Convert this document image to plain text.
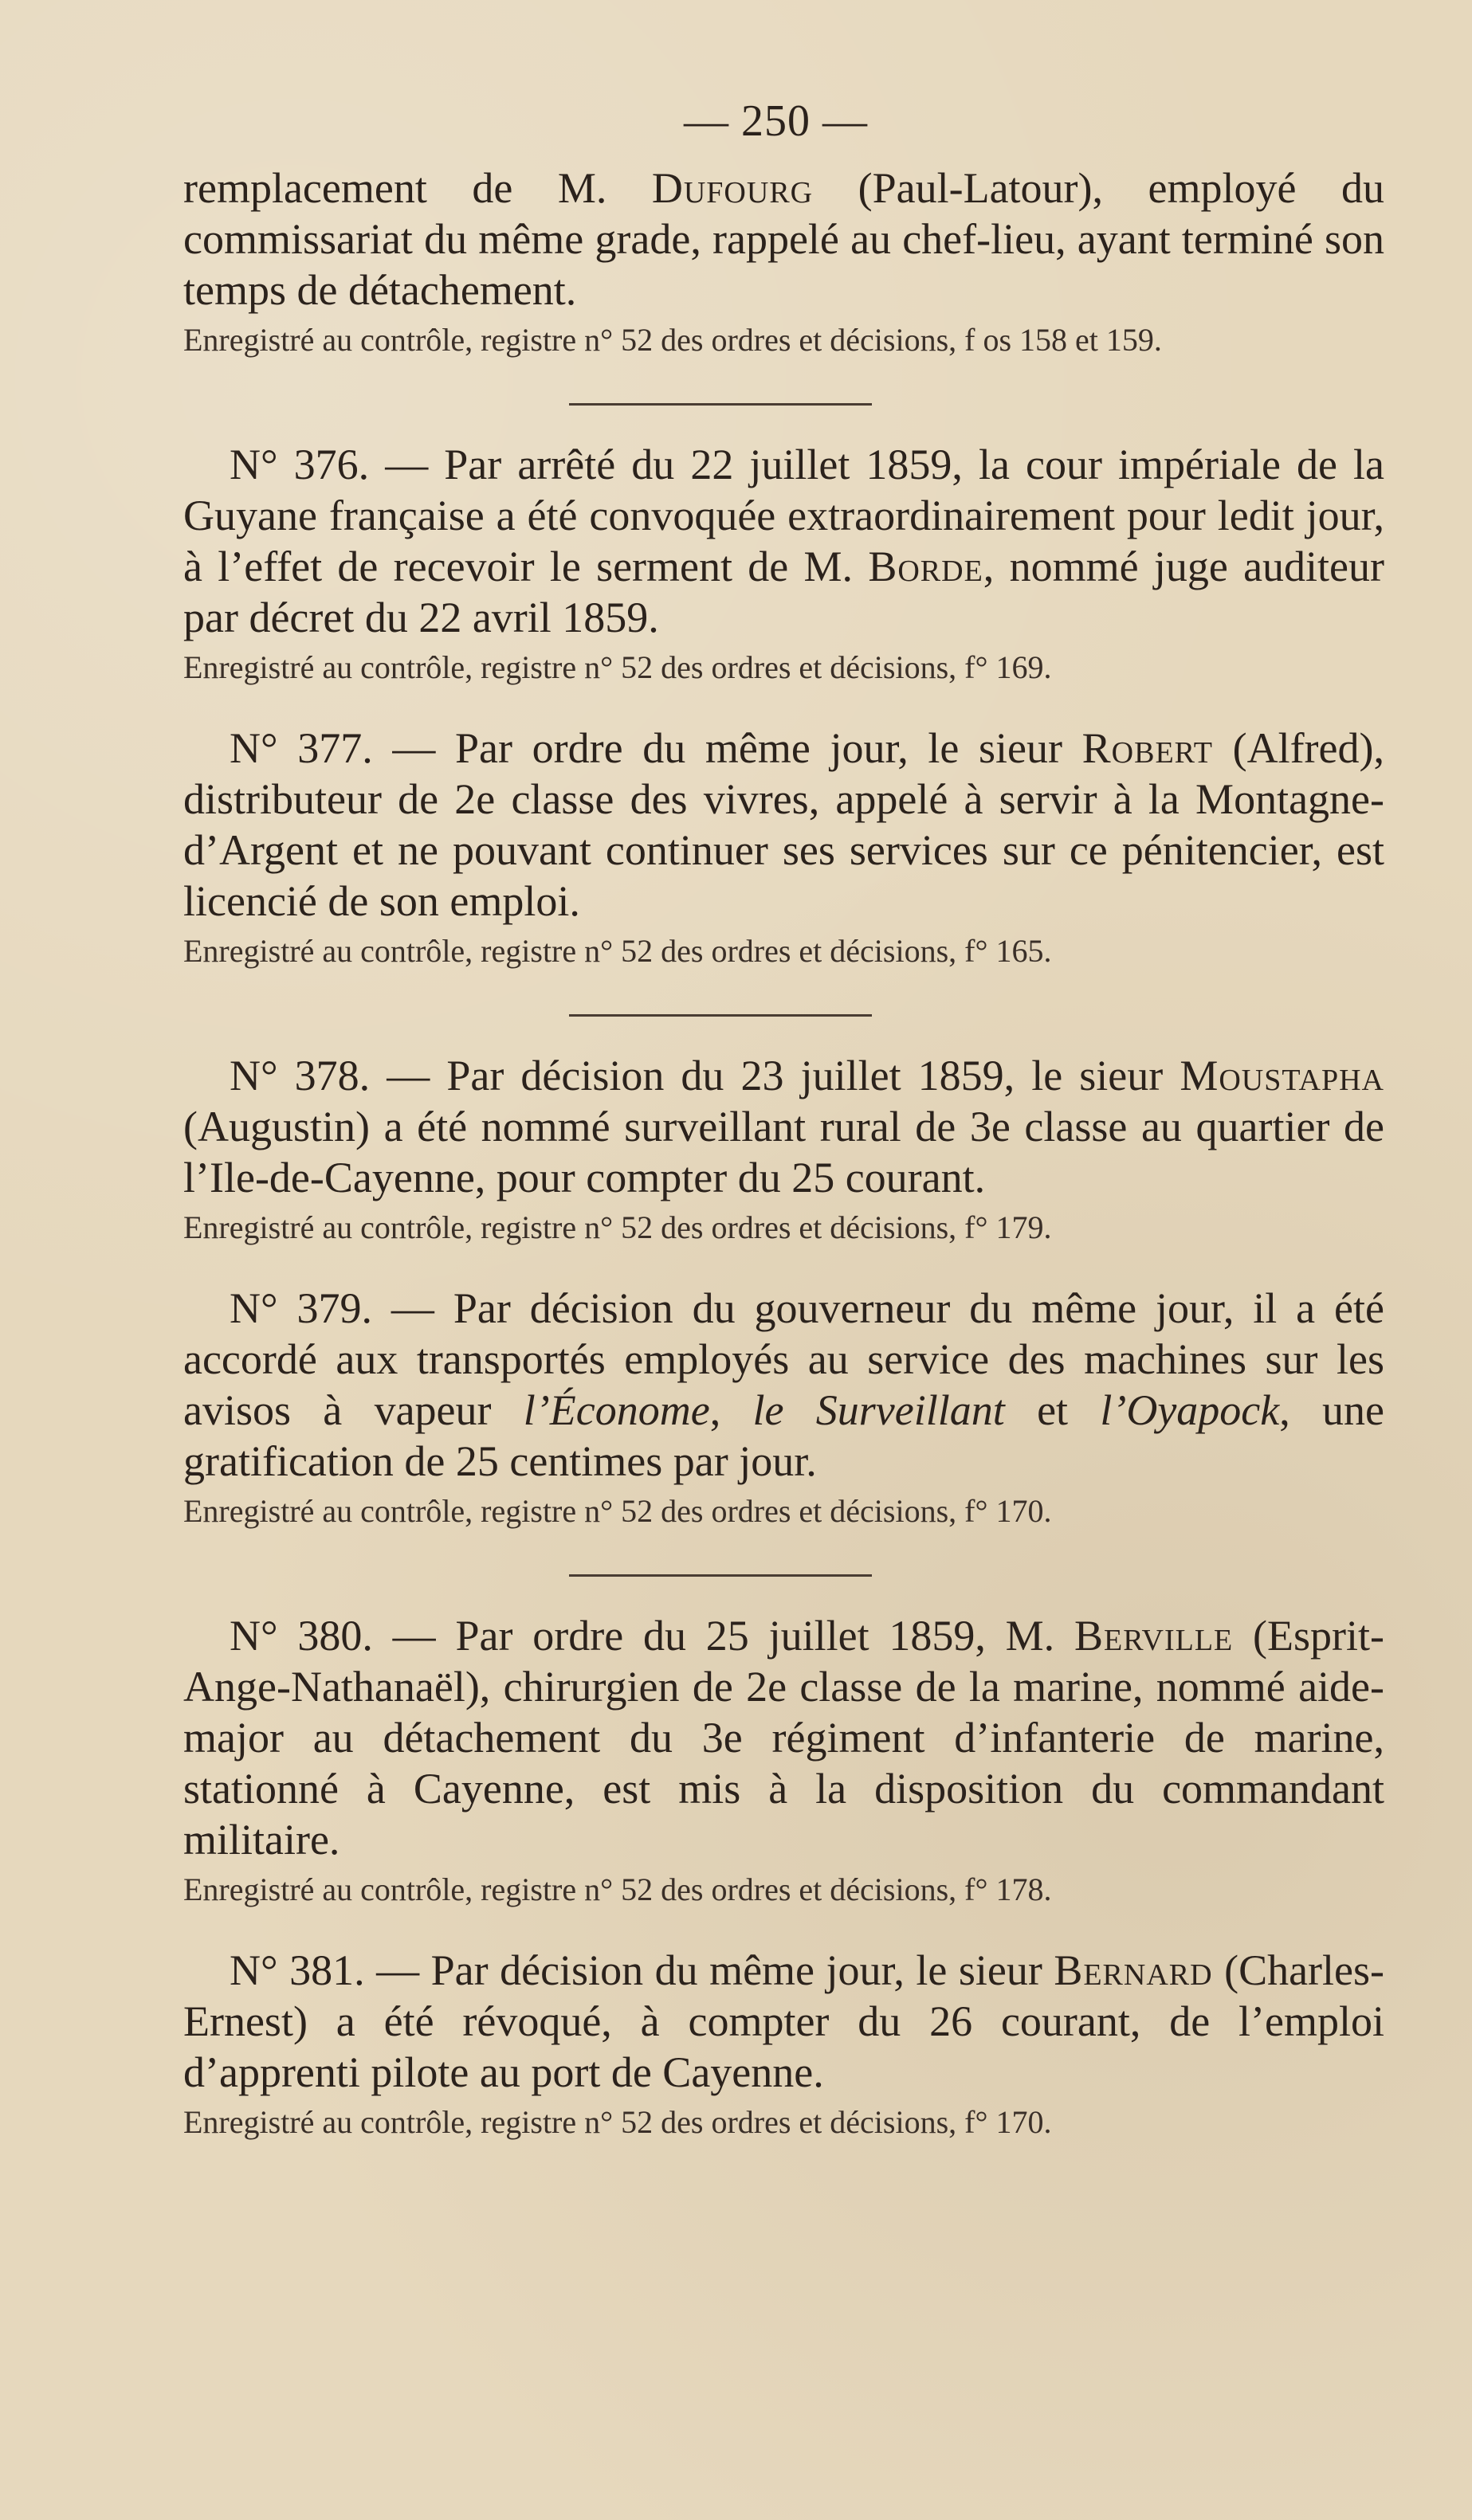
— 250 —

remplacement de M. Dufourg (Paul-Latour), employé du commissariat du même grade, rappelé au chef-lieu, ayant terminé son temps de détachement.

Enregistré au contrôle, registre n° 52 des ordres et décisions, f os 158 et 159.

N° 376. — Par arrêté du 22 juillet 1859, la cour impériale de la Guyane française a été convoquée extraordinairement pour ledit jour, à l’effet de recevoir le serment de M. Borde, nommé juge auditeur par décret du 22 avril 1859.

Enregistré au contrôle, registre n° 52 des ordres et décisions, f° 169.

N° 377. — Par ordre du même jour, le sieur Robert (Alfred), distributeur de 2e classe des vivres, appelé à servir à la Montagne-d’Argent et ne pouvant continuer ses services sur ce pénitencier, est licencié de son emploi.

Enregistré au contrôle, registre n° 52 des ordres et décisions, f° 165.

N° 378. — Par décision du 23 juillet 1859, le sieur Moustapha (Augustin) a été nommé surveillant rural de 3e classe au quartier de l’Ile-de-Cayenne, pour compter du 25 courant.

Enregistré au contrôle, registre n° 52 des ordres et décisions, f° 179.

N° 379. — Par décision du gouverneur du même jour, il a été accordé aux transportés employés au service des machines sur les avisos à vapeur l’Économe, le Surveillant et l’Oyapock, une gratification de 25 centimes par jour.

Enregistré au contrôle, registre n° 52 des ordres et décisions, f° 170.

N° 380. — Par ordre du 25 juillet 1859, M. Berville (Esprit-Ange-Nathanaël), chirurgien de 2e classe de la marine, nommé aide-major au détachement du 3e régiment d’infanterie de marine, stationné à Cayenne, est mis à la disposition du commandant militaire.

Enregistré au contrôle, registre n° 52 des ordres et décisions, f° 178.

N° 381. — Par décision du même jour, le sieur Bernard (Charles-Ernest) a été révoqué, à compter du 26 courant, de l’emploi d’apprenti pilote au port de Cayenne.

Enregistré au contrôle, registre n° 52 des ordres et décisions, f° 170.
